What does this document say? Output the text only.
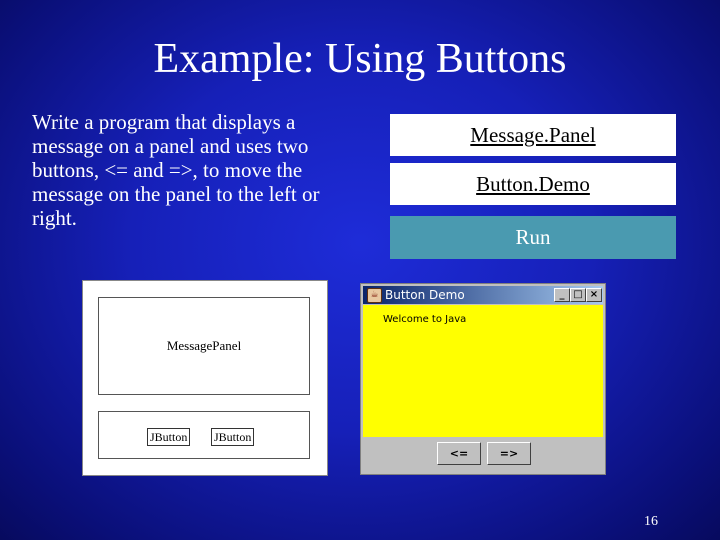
Example: Using Buttons
Write a program that displays a message on a panel and uses two buttons, <= and =>, to move the message on the panel to the left or right.
Message.Panel
Button.Demo
Run
MessagePanel
JButton JButton
☕ Button Demo	_ □ ×
Welcome to Java
<=	=>
16
